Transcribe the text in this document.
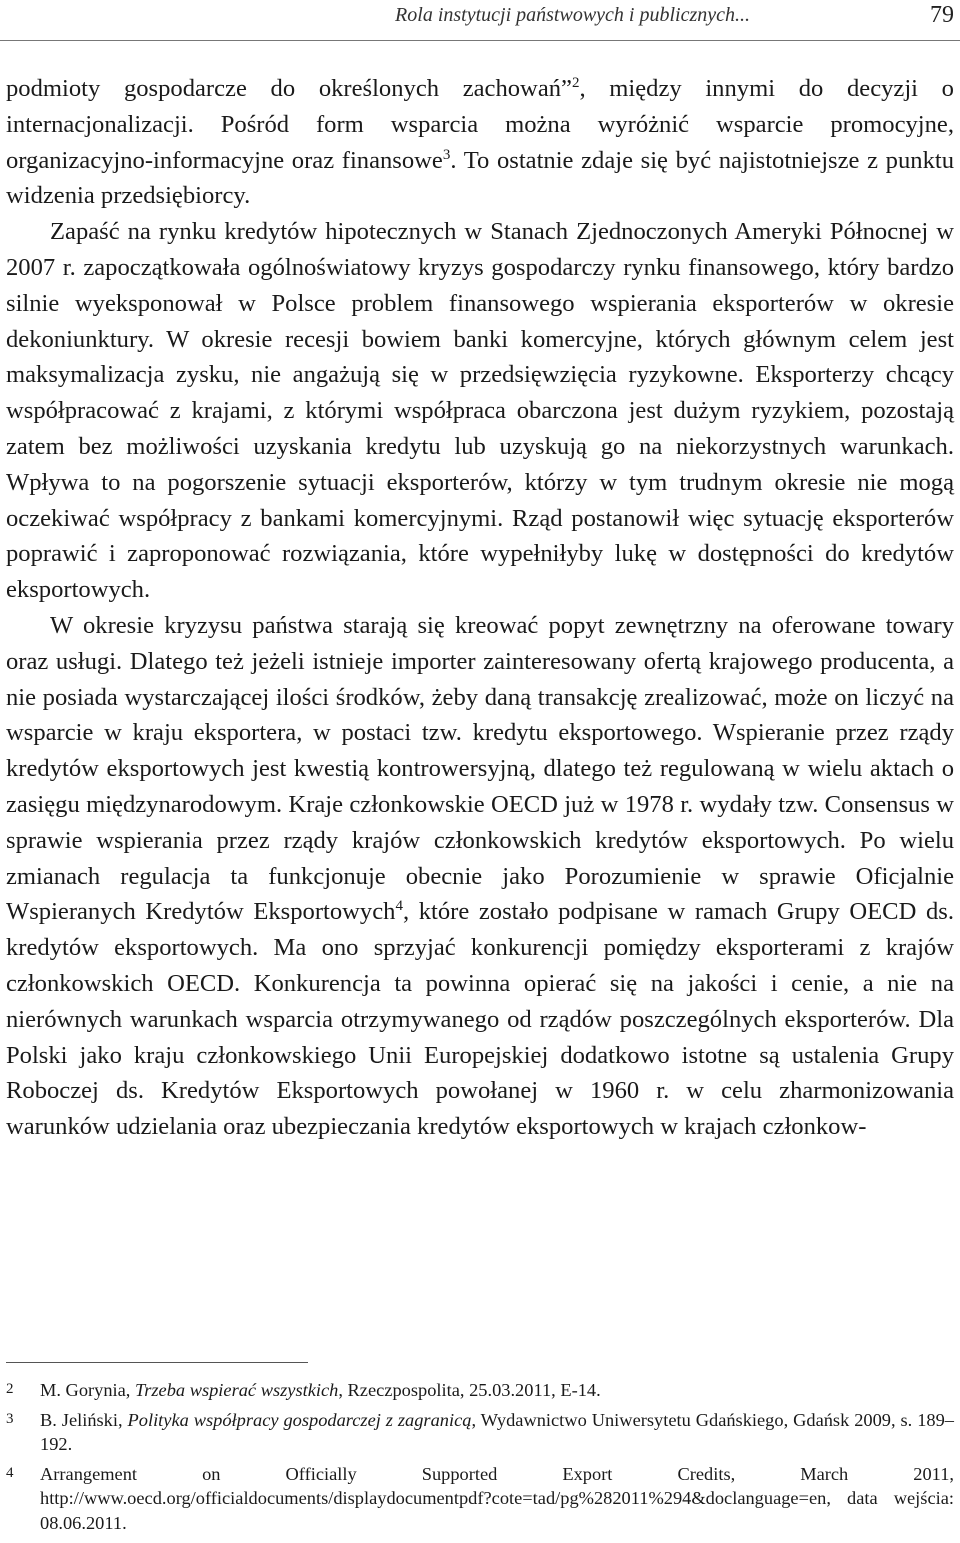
Rola instytucji państwowych i publicznych...	79

podmioty gospodarcze do określonych zachowań”$^2$, między innymi do decyzji o internacjonalizacji. Pośród form wsparcia można wyróżnić wsparcie promocyjne, organizacyjno-informacyjne oraz finansowe$^3$. To ostatnie zdaje się być najistotniejsze z punktu widzenia przedsiębiorcy.

Zapaść na rynku kredytów hipotecznych w Stanach Zjednoczonych Ameryki Północnej w 2007 r. zapoczątkowała ogólnoświatowy kryzys gospodarczy rynku finansowego, który bardzo silnie wyeksponował w Polsce problem finansowego wspierania eksporterów w okresie dekoniunktury. W okresie recesji bowiem banki komercyjne, których głównym celem jest maksymalizacja zysku, nie angażują się w przedsięwzięcia ryzykowne. Eksporterzy chcący współpracować z krajami, z którymi współpraca obarczona jest dużym ryzykiem, pozostają zatem bez możliwości uzyskania kredytu lub uzyskują go na niekorzystnych warunkach. Wpływa to na pogorszenie sytuacji eksporterów, którzy w tym trudnym okresie nie mogą oczekiwać współpracy z bankami komercyjnymi. Rząd postanowił więc sytuację eksporterów poprawić i zaproponować rozwiązania, które wypełniłyby lukę w dostępności do kredytów eksportowych.

W okresie kryzysu państwa starają się kreować popyt zewnętrzny na oferowane towary oraz usługi. Dlatego też jeżeli istnieje importer zainteresowany ofertą krajowego producenta, a nie posiada wystarczającej ilości środków, żeby daną transakcję zrealizować, może on liczyć na wsparcie w kraju eksportera, w postaci tzw. kredytu eksportowego. Wspieranie przez rządy kredytów eksportowych jest kwestią kontrowersyjną, dlatego też regulowaną w wielu aktach o zasięgu międzynarodowym. Kraje członkowskie OECD już w 1978 r. wydały tzw. Consensus w sprawie wspierania przez rządy krajów członkowskich kredytów eksportowych. Po wielu zmianach regulacja ta funkcjonuje obecnie jako Porozumienie w sprawie Oficjalnie Wspieranych Kredytów Eksportowych$^4$, które zostało podpisane w ramach Grupy OECD ds. kredytów eksportowych. Ma ono sprzyjać konkurencji pomiędzy eksporterami z krajów członkowskich OECD. Konkurencja ta powinna opierać się na jakości i cenie, a nie na nierównych warunkach wsparcia otrzymywanego od rządów poszczególnych eksporterów. Dla Polski jako kraju członkowskiego Unii Europejskiej dodatkowo istotne są ustalenia Grupy Roboczej ds. Kredytów Eksportowych powołanej w 1960 r. w celu zharmonizowania warunków udzielania oraz ubezpieczania kredytów eksportowych w krajach członkow-

2 M. Gorynia, Trzeba wspierać wszystkich, Rzeczpospolita, 25.03.2011, E-14.
3 B. Jeliński, Polityka współpracy gospodarczej z zagranicą, Wydawnictwo Uniwersytetu Gdańskiego, Gdańsk 2009, s. 189–192.
4 Arrangement on Officially Supported Export Credits, March 2011, http://www.oecd.org/officialdocuments/displaydocumentpdf?cote=tad/pg%282011%294&doclanguage=en, data wejścia: 08.06.2011.
